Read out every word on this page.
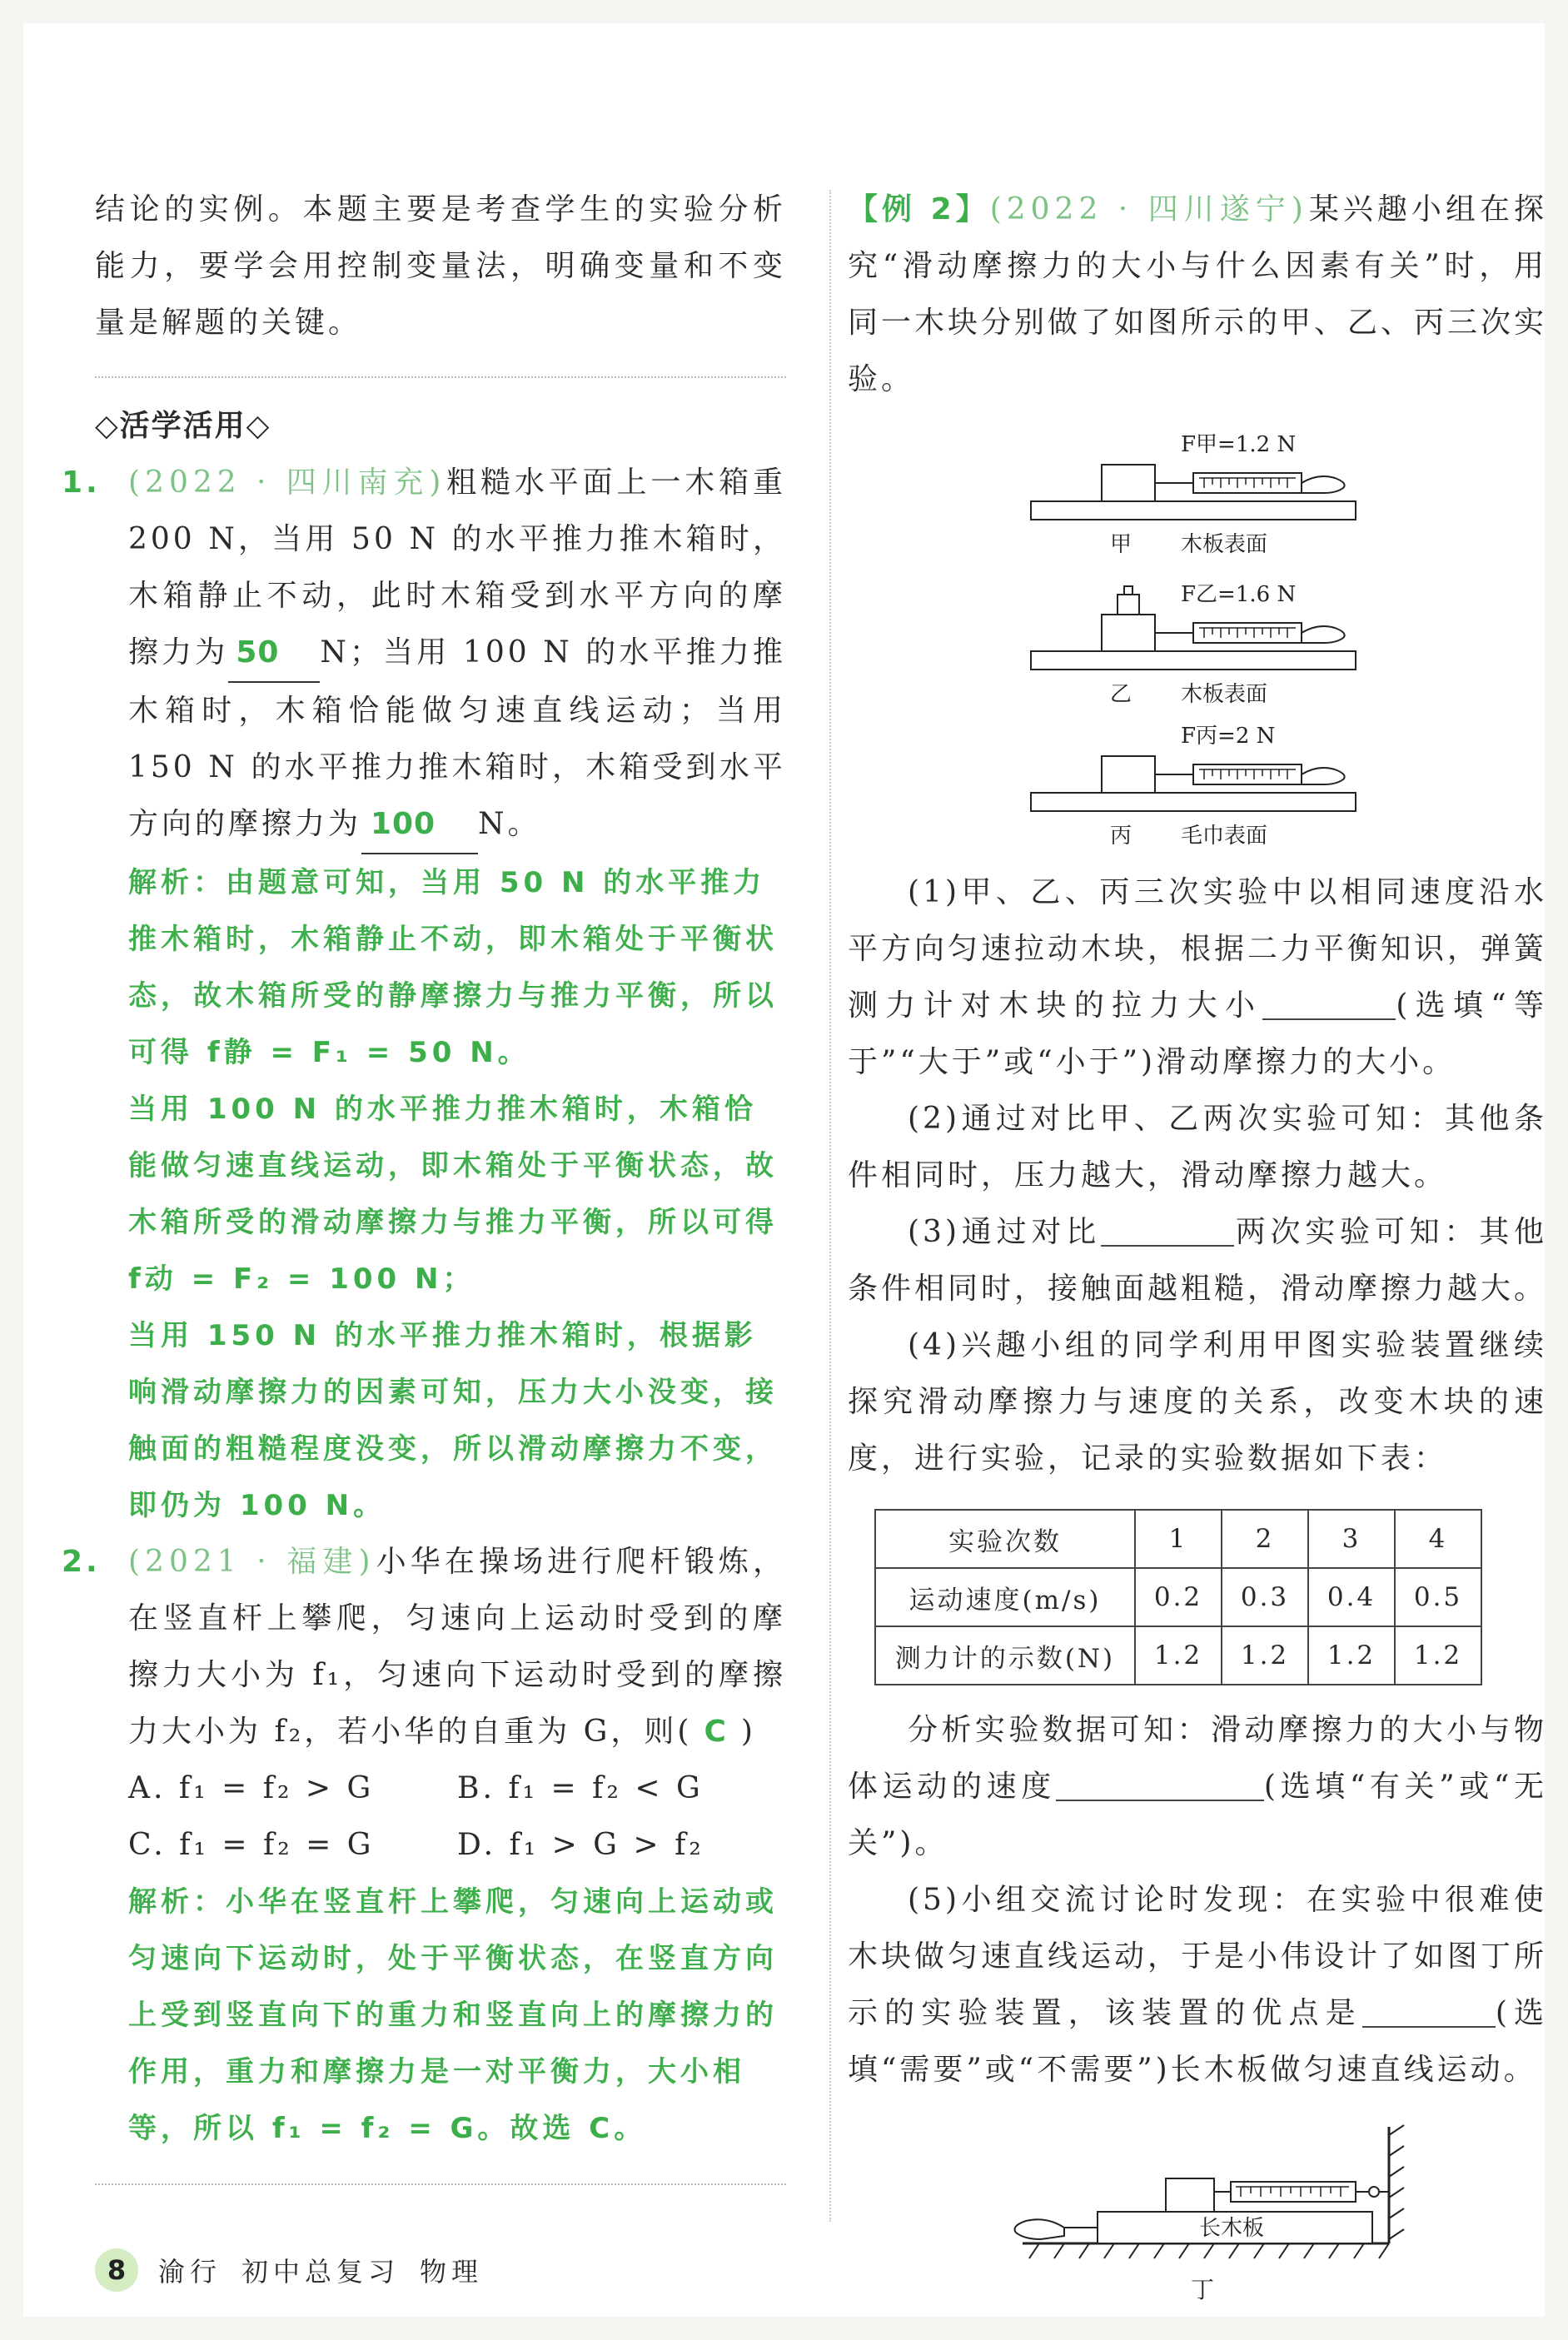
结论的实例。本题主要是考查学生的实验分析能力，要学会用控制变量法，明确变量和不变量是解题的关键。

◇活学活用◇

1. (2022 · 四川南充)粗糙水平面上一木箱重 200 N，当用 50 N 的水平推力推木箱时，木箱静止不动，此时木箱受到水平方向的摩擦力为 50 N；当用 100 N 的水平推力推木箱时，木箱恰能做匀速直线运动；当用 150 N 的水平推力推木箱时，木箱受到水平方向的摩擦力为 100 N。

解析：由题意可知，当用 50 N 的水平推力推木箱时，木箱静止不动，即木箱处于平衡状态，故木箱所受的静摩擦力与推力平衡，所以可得 f静 = F₁ = 50 N。

当用 100 N 的水平推力推木箱时，木箱恰能做匀速直线运动，即木箱处于平衡状态，故木箱所受的滑动摩擦力与推力平衡，所以可得 f动 = F₂ = 100 N；

当用 150 N 的水平推力推木箱时，根据影响滑动摩擦力的因素可知，压力大小没变，接触面的粗糙程度没变，所以滑动摩擦力不变，即仍为 100 N。

2. (2021 · 福建)小华在操场进行爬杆锻炼，在竖直杆上攀爬，匀速向上运动时受到的摩擦力大小为 f₁，匀速向下运动时受到的摩擦力大小为 f₂，若小华的自重为 G，则( C )

A. f₁ = f₂ > G	B. f₁ = f₂ < G
C. f₁ = f₂ = G	D. f₁ > G > f₂

解析：小华在竖直杆上攀爬，匀速向上运动或匀速向下运动时，处于平衡状态，在竖直方向上受到竖直向下的重力和竖直向上的摩擦力的作用，重力和摩擦力是一对平衡力，大小相等，所以 f₁ = f₂ = G。故选 C。

【例 2】(2022 · 四川遂宁)某兴趣小组在探究“滑动摩擦力的大小与什么因素有关”时，用同一木块分别做了如图所示的甲、乙、丙三次实验。

F甲=1.2 N
甲 木板表面
F乙=1.6 N
乙 木板表面
F丙=2 N
丙 毛巾表面

(1)甲、乙、丙三次实验中以相同速度沿水平方向匀速拉动木块，根据二力平衡知识，弹簧测力计对木块的拉力大小	(选填“等于”“大于”或“小于”)滑动摩擦力的大小。

(2)通过对比甲、乙两次实验可知：其他条件相同时，压力越大，滑动摩擦力越大。

(3)通过对比	两次实验可知：其他条件相同时，接触面越粗糙，滑动摩擦力越大。

(4)兴趣小组的同学利用甲图实验装置继续探究滑动摩擦力与速度的关系，改变木块的速度，进行实验，记录的实验数据如下表：

实验次数	1	2	3	4
运动速度(m/s)	0.2	0.3	0.4	0.5
测力计的示数(N)	1.2	1.2	1.2	1.2

分析实验数据可知：滑动摩擦力的大小与物体运动的速度	(选填“有关”或“无关”)。

(5)小组交流讨论时发现：在实验中很难使木块做匀速直线运动，于是小伟设计了如图丁所示的实验装置，该装置的优点是	(选填“需要”或“不需要”)长木板做匀速直线运动。

长木板
丁
8	渝行 初中总复习 物理
